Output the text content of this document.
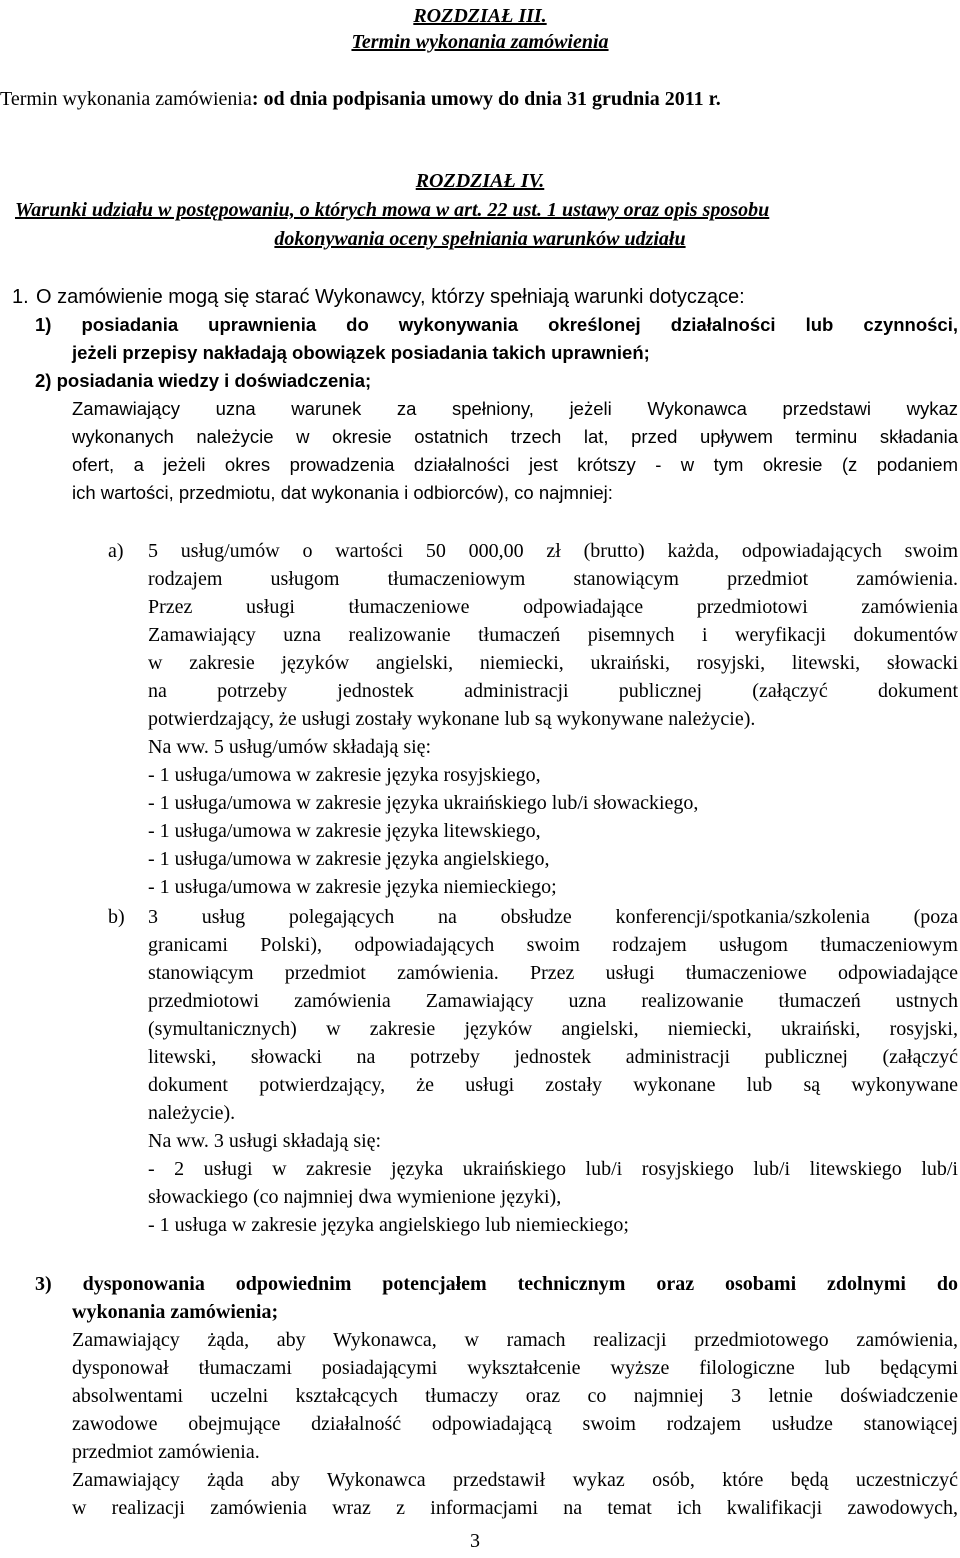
ROZDZIAŁ III.
Termin wykonania zamówienia
Termin wykonania zamówienia: od dnia podpisania umowy do dnia 31 grudnia 2011 r.
ROZDZIAŁ IV.
Warunki udziału w postępowaniu, o których mowa w art. 22 ust. 1 ustawy oraz opis sposobu
dokonywania oceny spełniania warunków udziału
1. O zamówienie mogą się starać Wykonawcy, którzy spełniają warunki dotyczące:
1) posiadania uprawnienia do wykonywania określonej działalności lub czynności,
jeżeli przepisy nakładają obowiązek posiadania takich uprawnień;
2) posiadania wiedzy i doświadczenia;
Zamawiający uzna warunek za spełniony, jeżeli Wykonawca przedstawi wykaz
wykonanych należycie w okresie ostatnich trzech lat, przed upływem terminu składania
ofert, a jeżeli okres prowadzenia działalności jest krótszy - w tym okresie (z podaniem
ich wartości, przedmiotu, dat wykonania i odbiorców), co najmniej:
a) 5 usług/umów o wartości 50 000,00 zł (brutto) każda, odpowiadających swoim
rodzajem usługom tłumaczeniowym stanowiącym przedmiot zamówienia.
Przez usługi tłumaczeniowe odpowiadające przedmiotowi zamówienia
Zamawiający uzna realizowanie tłumaczeń pisemnych i weryfikacji dokumentów
w zakresie języków angielski, niemiecki, ukraiński, rosyjski, litewski, słowacki
na potrzeby jednostek administracji publicznej (załączyć dokument
potwierdzający, że usługi zostały wykonane lub są wykonywane należycie).
Na ww. 5 usług/umów składają się:
- 1 usługa/umowa w zakresie języka rosyjskiego,
- 1 usługa/umowa w zakresie języka ukraińskiego lub/i słowackiego,
- 1 usługa/umowa w zakresie języka litewskiego,
- 1 usługa/umowa w zakresie języka angielskiego,
- 1 usługa/umowa w zakresie języka niemieckiego;
b) 3 usług polegających na obsłudze konferencji/spotkania/szkolenia (poza
granicami Polski), odpowiadających swoim rodzajem usługom tłumaczeniowym
stanowiącym przedmiot zamówienia. Przez usługi tłumaczeniowe odpowiadające
przedmiotowi zamówienia Zamawiający uzna realizowanie tłumaczeń ustnych
(symultanicznych) w zakresie języków angielski, niemiecki, ukraiński, rosyjski,
litewski, słowacki na potrzeby jednostek administracji publicznej (załączyć
dokument potwierdzający, że usługi zostały wykonane lub są wykonywane
należycie).
Na ww. 3 usługi składają się:
- 2 usługi w zakresie języka ukraińskiego lub/i rosyjskiego lub/i litewskiego lub/i
słowackiego (co najmniej dwa wymienione języki),
- 1 usługa w zakresie języka angielskiego lub niemieckiego;
3) dysponowania odpowiednim potencjałem technicznym oraz osobami zdolnymi do
wykonania zamówienia;
Zamawiający żąda, aby Wykonawca, w ramach realizacji przedmiotowego zamówienia,
dysponował tłumaczami posiadającymi wykształcenie wyższe filologiczne lub będącymi
absolwentami uczelni kształcących tłumaczy oraz co najmniej 3 letnie doświadczenie
zawodowe obejmujące działalność odpowiadającą swoim rodzajem usłudze stanowiącej
przedmiot zamówienia.
Zamawiający żąda aby Wykonawca przedstawił wykaz osób, które będą uczestniczyć
w realizacji zamówienia wraz z informacjami na temat ich kwalifikacji zawodowych,
3
